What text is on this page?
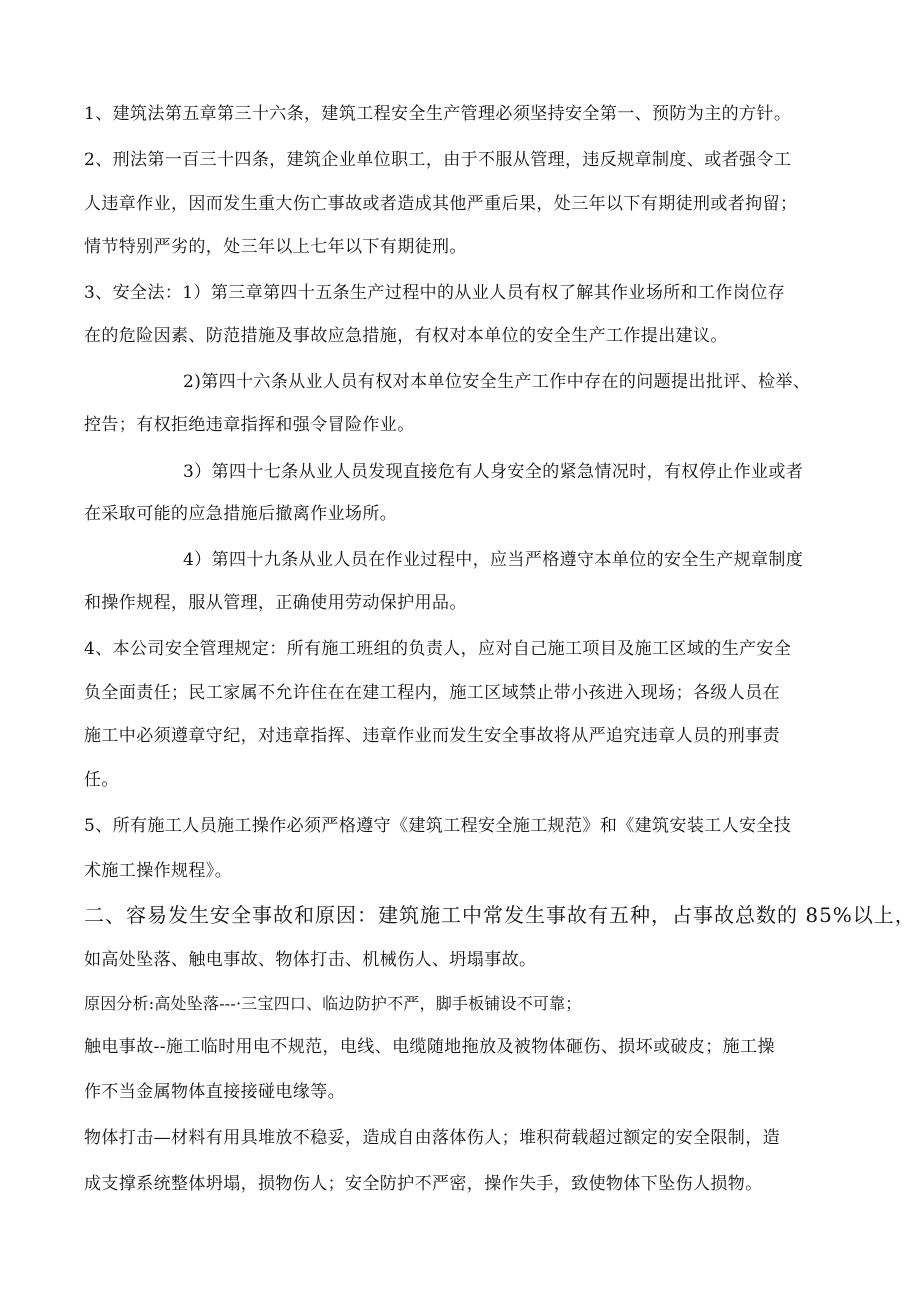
1、建筑法第五章第三十六条，建筑工程安全生产管理必须坚持安全第一、预防为主的方针。
2、刑法第一百三十四条，建筑企业单位职工，由于不服从管理，违反规章制度、或者强令工
人违章作业，因而发生重大伤亡事故或者造成其他严重后果，处三年以下有期徒刑或者拘留；
情节特别严劣的，处三年以上七年以下有期徒刑。
3、安全法：1）第三章第四十五条生产过程中的从业人员有权了解其作业场所和工作岗位存
在的危险因素、防范措施及事故应急措施，有权对本单位的安全生产工作提出建议。
2)第四十六条从业人员有权对本单位安全生产工作中存在的问题提出批评、检举、
控告；有权拒绝违章指挥和强令冒险作业。
3）第四十七条从业人员发现直接危有人身安全的紧急情况时，有权停止作业或者
在采取可能的应急措施后撤离作业场所。
4）第四十九条从业人员在作业过程中，应当严格遵守本单位的安全生产规章制度
和操作规程，服从管理，正确使用劳动保护用品。
4、本公司安全管理规定：所有施工班组的负责人，应对自己施工项目及施工区域的生产安全
负全面责任；民工家属不允许住在在建工程内，施工区域禁止带小孩进入现场；各级人员在
施工中必须遵章守纪，对违章指挥、违章作业而发生安全事故将从严追究违章人员的刑事责
任。
5、所有施工人员施工操作必须严格遵守《建筑工程安全施工规范》和《建筑安装工人安全技
术施工操作规程》。
二、容易发生安全事故和原因：建筑施工中常发生事故有五种，占事故总数的 85%以上，
如高处坠落、触电事故、物体打击、机械伤人、坍塌事故。
原因分析:高处坠落---·三宝四口、临边防护不严，脚手板铺设不可靠；
触电事故--施工临时用电不规范，电线、电缆随地拖放及被物体砸伤、损坏或破皮；施工操
作不当金属物体直接接碰电缘等。
物体打击—材料有用具堆放不稳妥，造成自由落体伤人；堆积荷载超过额定的安全限制，造
成支撑系统整体坍塌，损物伤人；安全防护不严密，操作失手，致使物体下坠伤人损物。
